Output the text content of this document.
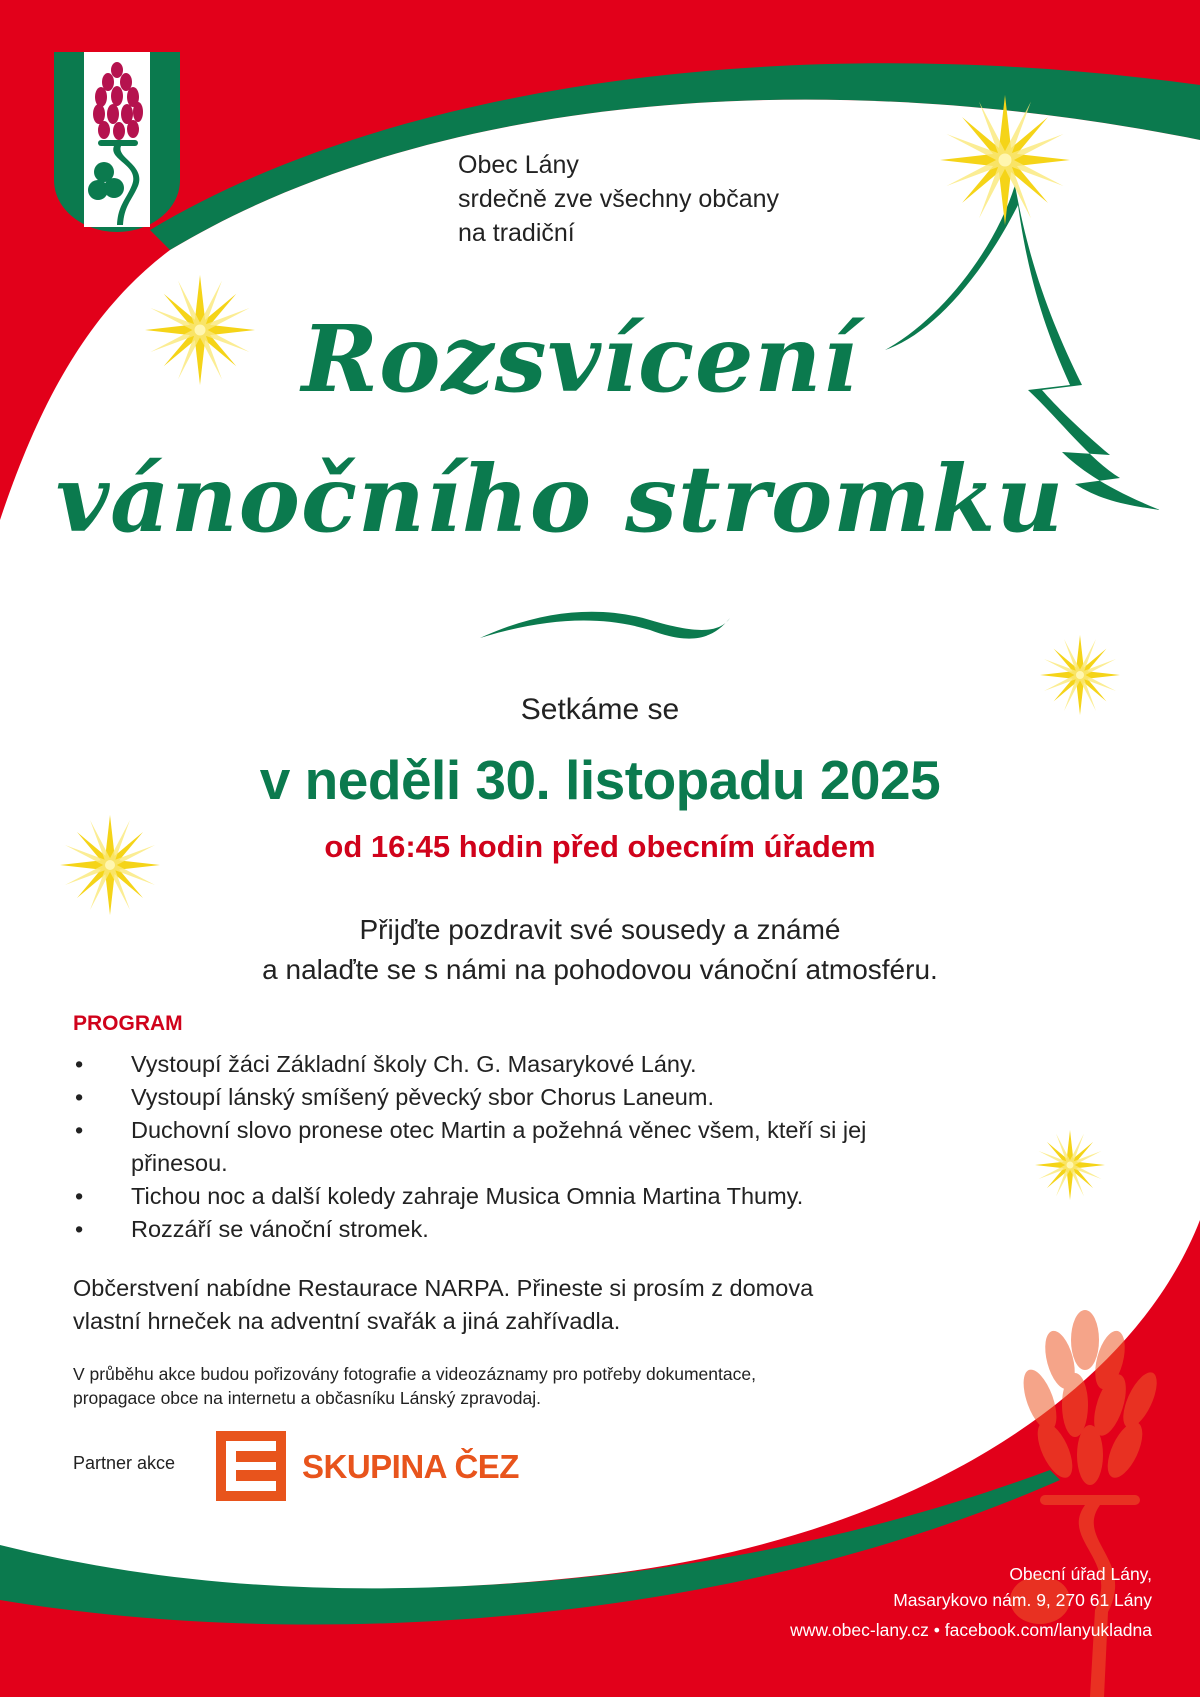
Obec Lány
srdečně zve všechny občany
na tradiční
Rozsvícení
vánočního stromku
Setkáme se
v neděli 30. listopadu 2025
od 16:45 hodin před obecním úřadem
Přijďte pozdravit své sousedy a známé
a nalaďte se s námi na pohodovou vánoční atmosféru.
PROGRAM
• Vystoupí žáci Základní školy Ch. G. Masarykové Lány.
• Vystoupí lánský smíšený pěvecký sbor Chorus Laneum.
• Duchovní slovo pronese otec Martin a požehná věnec všem, kteří si jej přinesou.
• Tichou noc a další koledy zahraje Musica Omnia Martina Thumy.
• Rozzáří se vánoční stromek.
Občerstvení nabídne Restaurace NARPA. Přineste si prosím z domova
vlastní hrneček na adventní svařák a jiná zahřívadla.
V průběhu akce budou pořizovány fotografie a videozáznamy pro potřeby dokumentace,
propagace obce na internetu a občasníku Lánský zpravodaj.
Partner akce	SKUPINA ČEZ
Obecní úřad Lány,
Masarykovo nám. 9, 270 61 Lány
www.obec-lany.cz • facebook.com/lanyukladna
